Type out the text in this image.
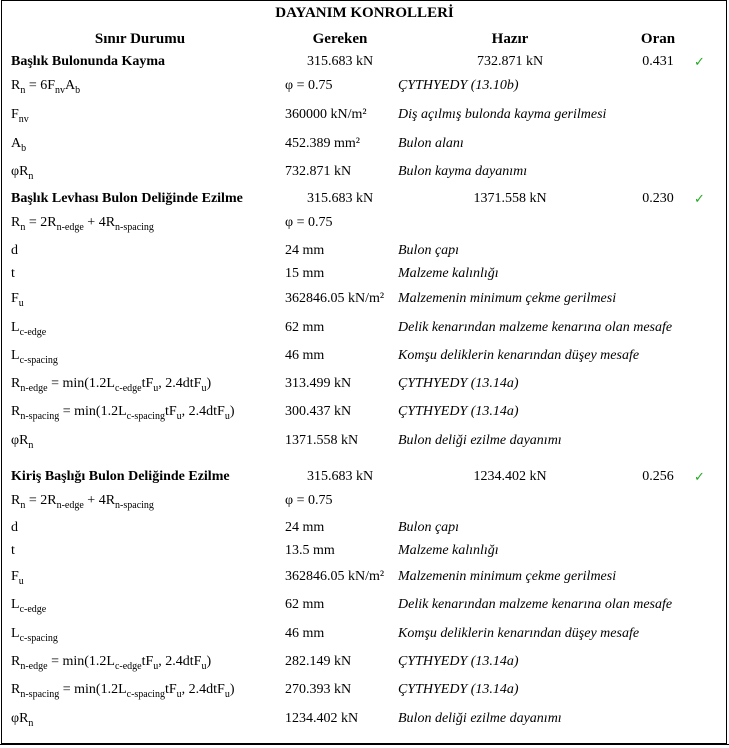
DAYANIM KONROLLERİ
Sınır Durumu	Gereken	Hazır	Oran
Başlık Bulonunda Kayma	315.683 kN	732.871 kN	0.431	✓
$R_n = 6F_{nv}A_b$	φ = 0.75	ÇYTHYEDY (13.10b)
$F_{nv}$	360000 kN/m² Diş açılmış bulonda kayma gerilmesi
$A_b$	452.389 mm²	Bulon alanı
$\varphi R_n$	732.871 kN	Bulon kayma dayanımı
Başlık Levhası Bulon Deliğinde Ezilme	315.683 kN	1371.558 kN	0.230	✓
$R_n = 2R_{n-edge} + 4R_{n-spacing}$	φ = 0.75
d	24 mm	Bulon çapı
t	15 mm	Malzeme kalınlığı
$F_u$	362846.05 kN/m² Malzemenin minimum çekme gerilmesi
$L_{c-edge}$	62 mm	Delik kenarından malzeme kenarına olan mesafe
$L_{c-spacing}$	46 mm	Komşu deliklerin kenarından düşey mesafe
$R_{n-edge} = \min(1.2L_{c-edge}tF_u$, 2.4dtF$_u$)	313.499 kN	ÇYTHYEDY (13.14a)
$R_{n-spacing} = \min(1.2L_{c-spacing}tF_u$, 2.4dtF$_u$)	300.437 kN	ÇYTHYEDY (13.14a)
$\varphi R_n$	1371.558 kN	Bulon deliği ezilme dayanımı
Kiriş Başlığı Bulon Deliğinde Ezilme	315.683 kN	1234.402 kN	0.256	✓
$R_n = 2R_{n-edge} + 4R_{n-spacing}$	φ = 0.75
d	24 mm	Bulon çapı
t	13.5 mm	Malzeme kalınlığı
$F_u$	362846.05 kN/m² Malzemenin minimum çekme gerilmesi
$L_{c-edge}$	62 mm	Delik kenarından malzeme kenarına olan mesafe
$L_{c-spacing}$	46 mm	Komşu deliklerin kenarından düşey mesafe
$R_{n-edge} = \min(1.2L_{c-edge}tF_u$, 2.4dtF$_u$)	282.149 kN	ÇYTHYEDY (13.14a)
$R_{n-spacing} = \min(1.2L_{c-spacing}tF_u$, 2.4dtF$_u$)	270.393 kN	ÇYTHYEDY (13.14a)
$\varphi R_n$	1234.402 kN	Bulon deliği ezilme dayanımı
